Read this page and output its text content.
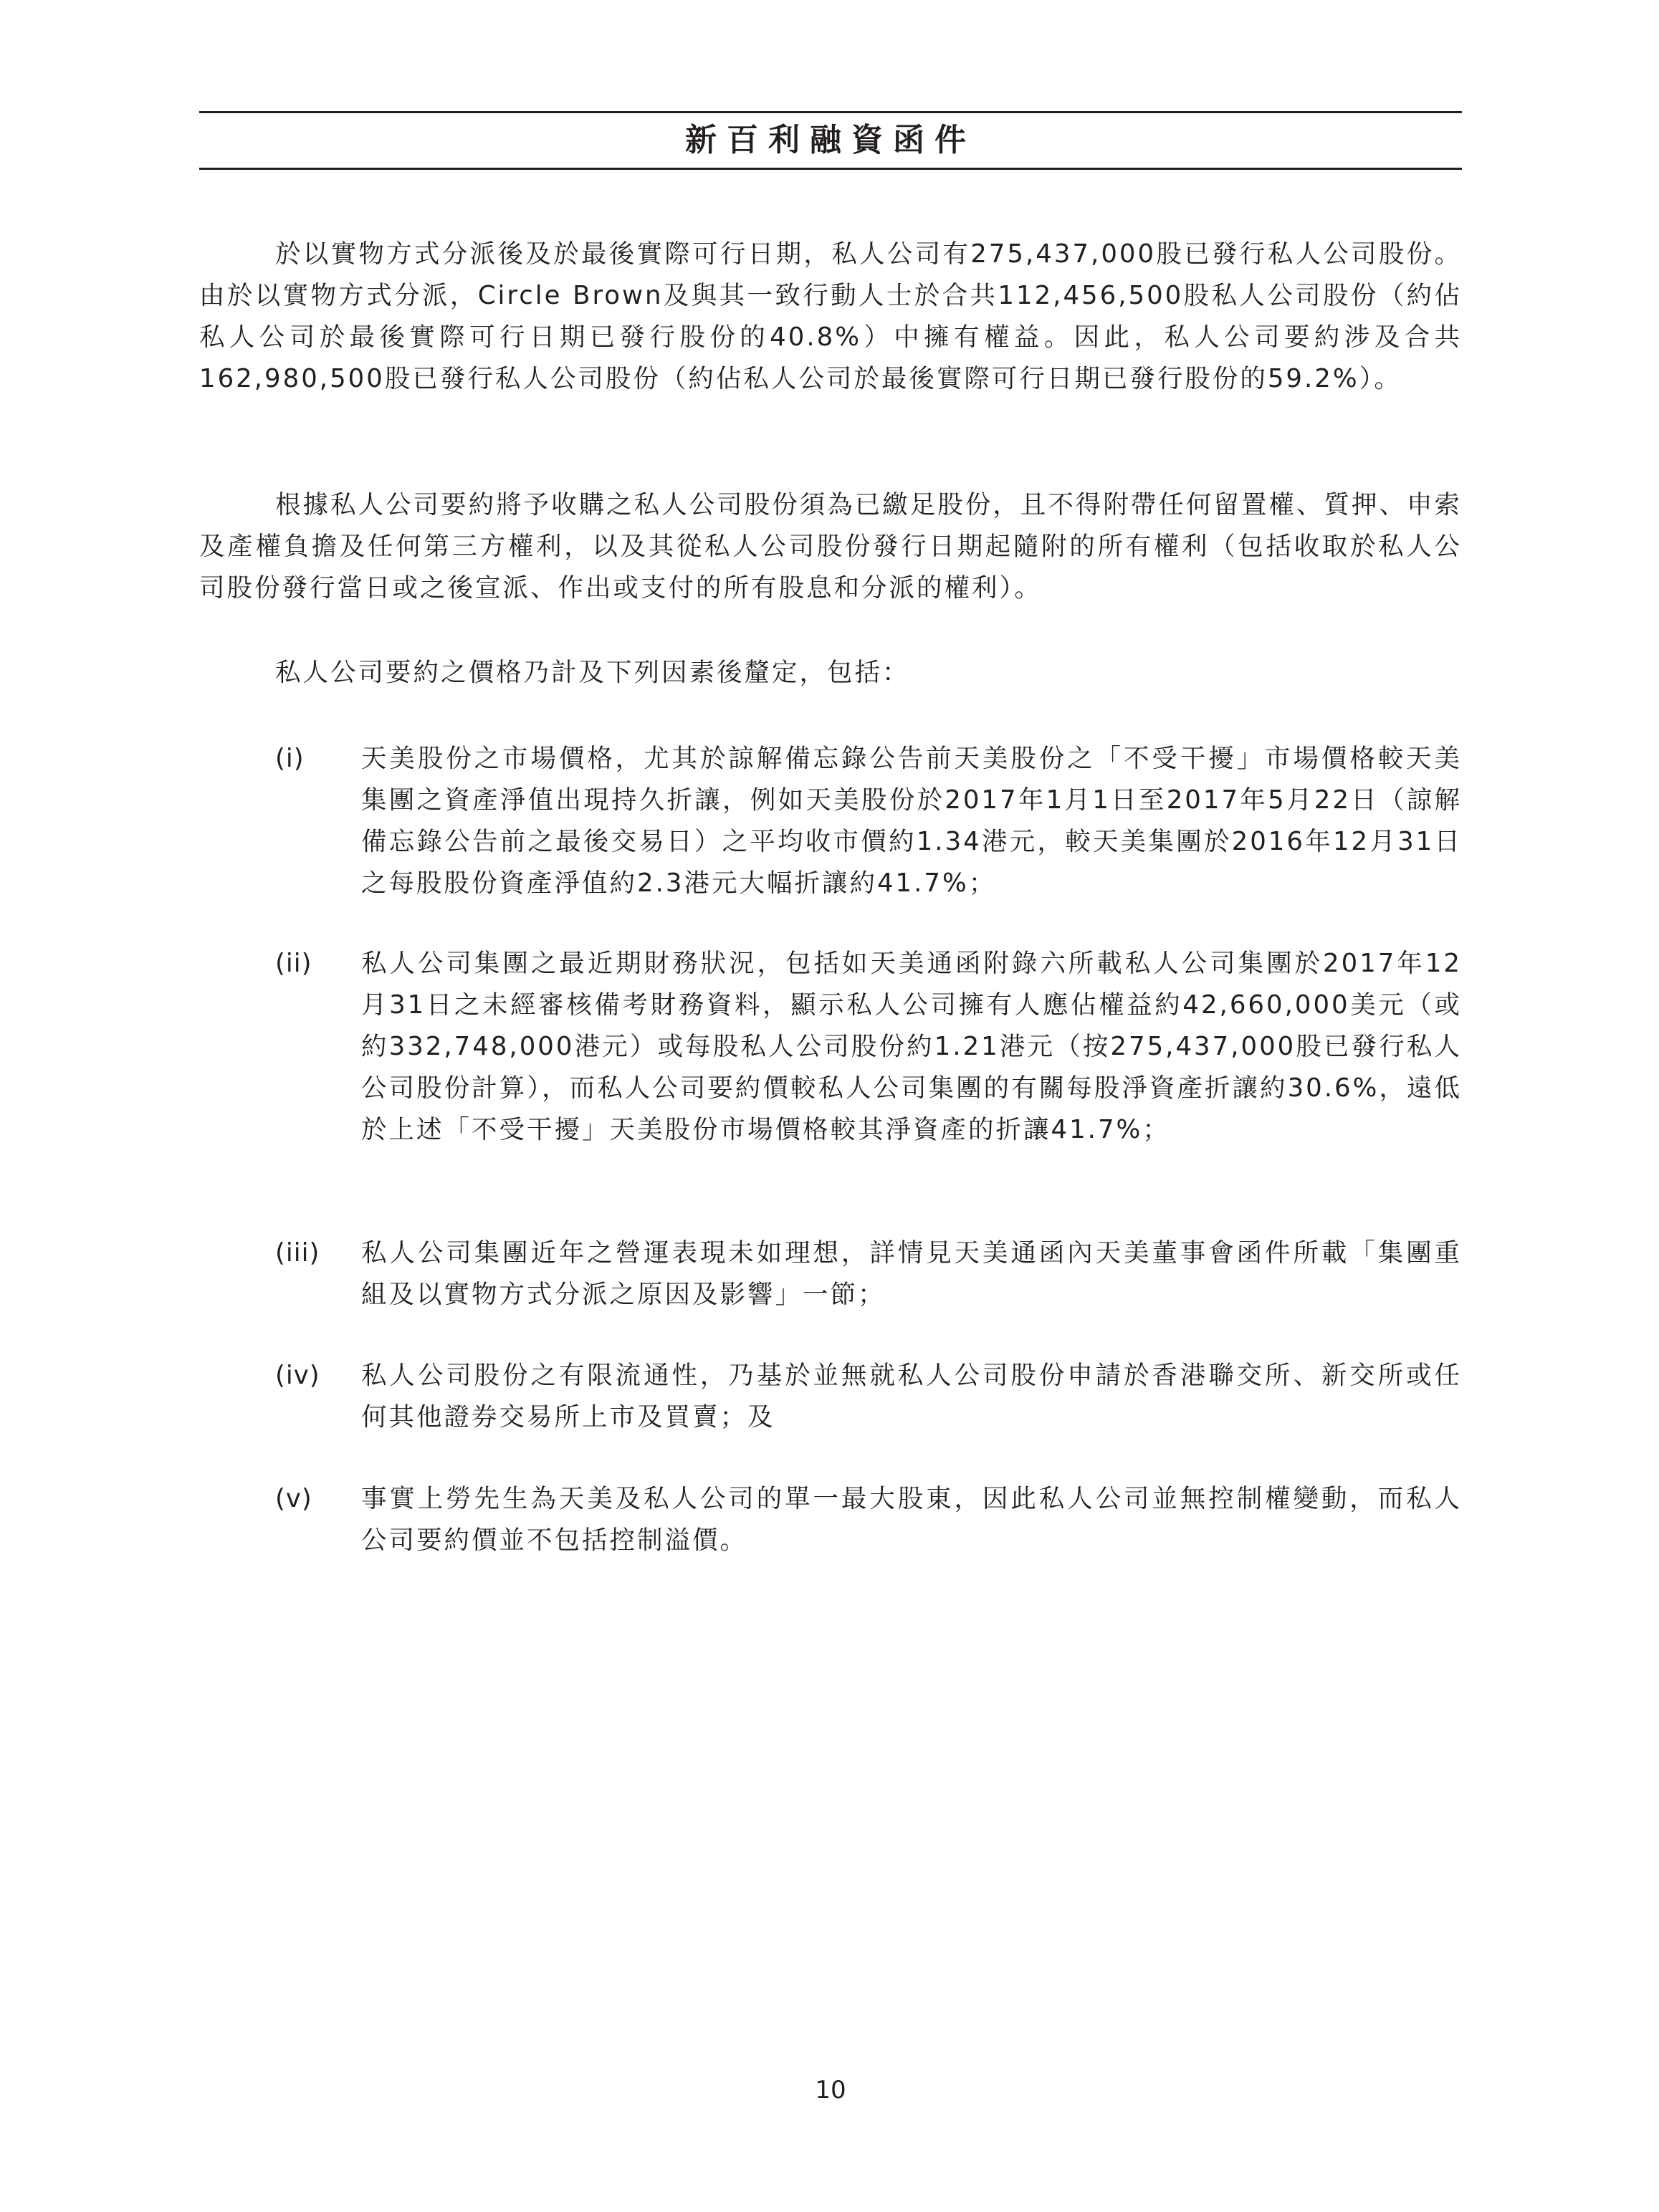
新百利融資函件

於以實物方式分派後及於最後實際可行日期，私人公司有275,437,000股已發行私人公司股份。由於以實物方式分派，Circle Brown及與其一致行動人士於合共112,456,500股私人公司股份（約佔私人公司於最後實際可行日期已發行股份的40.8%）中擁有權益。因此，私人公司要約涉及合共162,980,500股已發行私人公司股份（約佔私人公司於最後實際可行日期已發行股份的59.2%）。

根據私人公司要約將予收購之私人公司股份須為已繳足股份，且不得附帶任何留置權、質押、申索及產權負擔及任何第三方權利，以及其從私人公司股份發行日期起隨附的所有權利（包括收取於私人公司股份發行當日或之後宣派、作出或支付的所有股息和分派的權利）。

私人公司要約之價格乃計及下列因素後釐定，包括：

(i) 天美股份之市場價格，尤其於諒解備忘錄公告前天美股份之「不受干擾」市場價格較天美集團之資產淨值出現持久折讓，例如天美股份於2017年1月1日至2017年5月22日（諒解備忘錄公告前之最後交易日）之平均收市價約1.34港元，較天美集團於2016年12月31日之每股股份資產淨值約2.3港元大幅折讓約41.7%；
(ii) 私人公司集團之最近期財務狀況，包括如天美通函附錄六所載私人公司集團於2017年12月31日之未經審核備考財務資料，顯示私人公司擁有人應佔權益約42,660,000美元（或約332,748,000港元）或每股私人公司股份約1.21港元（按275,437,000股已發行私人公司股份計算），而私人公司要約價較私人公司集團的有關每股淨資產折讓約30.6%，遠低於上述「不受干擾」天美股份市場價格較其淨資產的折讓41.7%；
(iii) 私人公司集團近年之營運表現未如理想，詳情見天美通函內天美董事會函件所載「集團重組及以實物方式分派之原因及影響」一節；
(iv) 私人公司股份之有限流通性，乃基於並無就私人公司股份申請於香港聯交所、新交所或任何其他證券交易所上市及買賣；及
(v) 事實上勞先生為天美及私人公司的單一最大股東，因此私人公司並無控制權變動，而私人公司要約價並不包括控制溢價。
10
